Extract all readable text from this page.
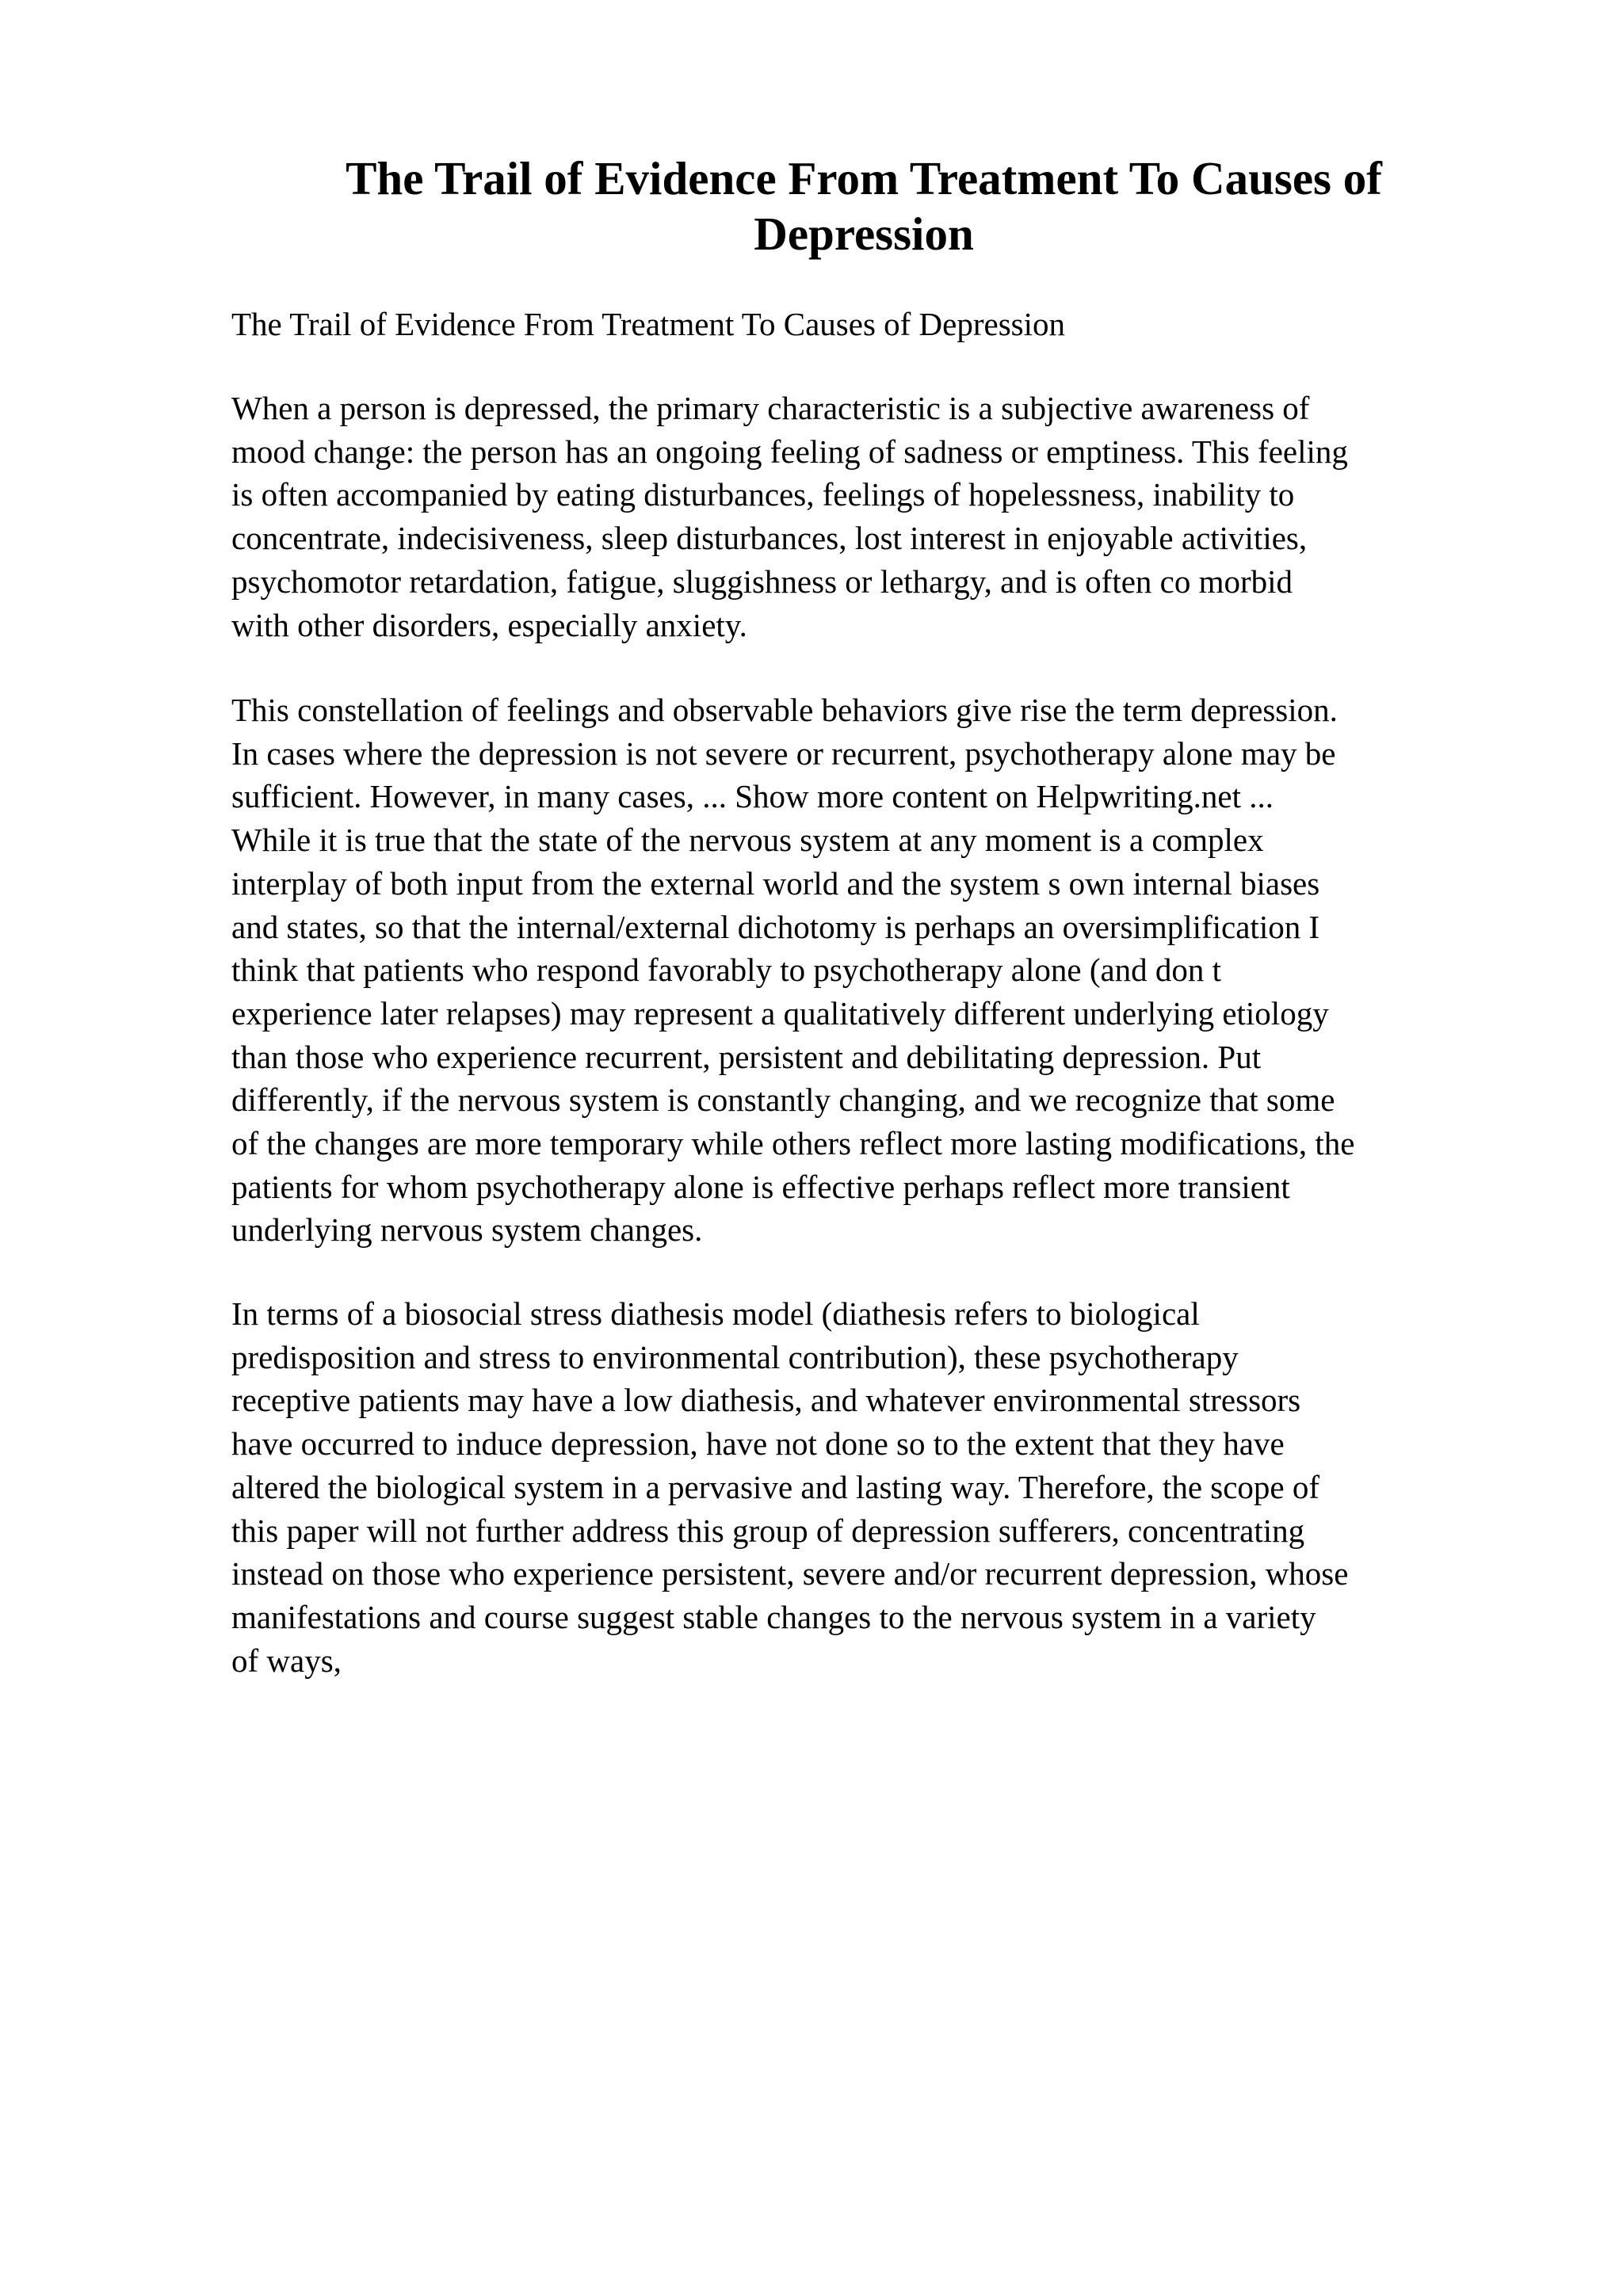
The Trail of Evidence From Treatment To Causes of
Depression

The Trail of Evidence From Treatment To Causes of Depression

When a person is depressed, the primary characteristic is a subjective awareness of
mood change: the person has an ongoing feeling of sadness or emptiness. This feeling
is often accompanied by eating disturbances, feelings of hopelessness, inability to
concentrate, indecisiveness, sleep disturbances, lost interest in enjoyable activities,
psychomotor retardation, fatigue, sluggishness or lethargy, and is often co morbid
with other disorders, especially anxiety.

This constellation of feelings and observable behaviors give rise the term depression.
In cases where the depression is not severe or recurrent, psychotherapy alone may be
sufficient. However, in many cases, ... Show more content on Helpwriting.net ...
While it is true that the state of the nervous system at any moment is a complex
interplay of both input from the external world and the system s own internal biases
and states, so that the internal/external dichotomy is perhaps an oversimplification I
think that patients who respond favorably to psychotherapy alone (and don t
experience later relapses) may represent a qualitatively different underlying etiology
than those who experience recurrent, persistent and debilitating depression. Put
differently, if the nervous system is constantly changing, and we recognize that some
of the changes are more temporary while others reflect more lasting modifications, the
patients for whom psychotherapy alone is effective perhaps reflect more transient
underlying nervous system changes.

In terms of a biosocial stress diathesis model (diathesis refers to biological
predisposition and stress to environmental contribution), these psychotherapy
receptive patients may have a low diathesis, and whatever environmental stressors
have occurred to induce depression, have not done so to the extent that they have
altered the biological system in a pervasive and lasting way. Therefore, the scope of
this paper will not further address this group of depression sufferers, concentrating
instead on those who experience persistent, severe and/or recurrent depression, whose
manifestations and course suggest stable changes to the nervous system in a variety
of ways,
